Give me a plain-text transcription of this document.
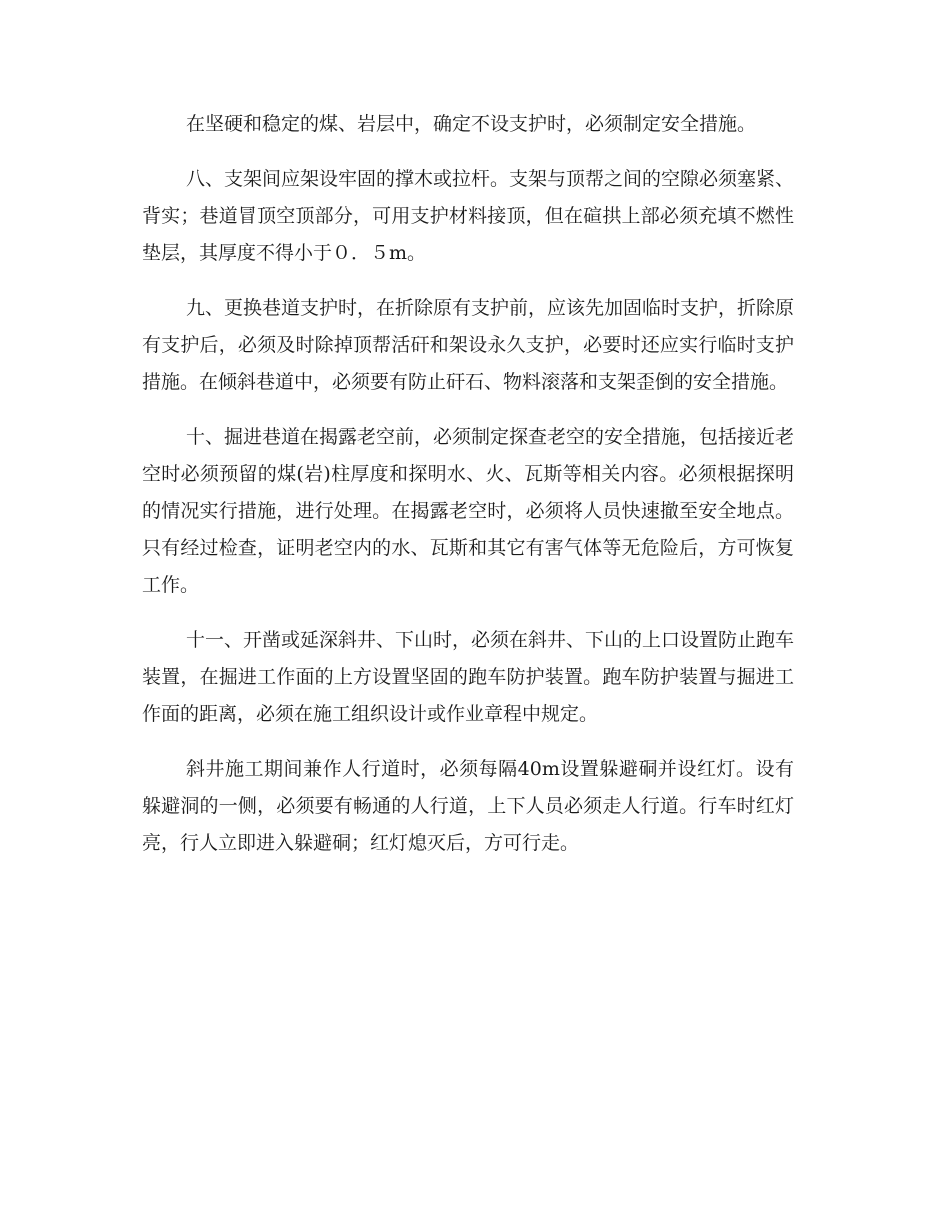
在坚硬和稳定的煤、岩层中，确定不设支护时，必须制定安全措施。

八、支架间应架设牢固的撑木或拉杆。支架与顶帮之间的空隙必须塞紧、背实；巷道冒顶空顶部分，可用支护材料接顶，但在碹拱上部必须充填不燃性垫层，其厚度不得小于０．５m。

九、更换巷道支护时，在折除原有支护前，应该先加固临时支护，折除原有支护后，必须及时除掉顶帮活矸和架设永久支护，必要时还应实行临时支护措施。在倾斜巷道中，必须要有防止矸石、物料滚落和支架歪倒的安全措施。

十、掘进巷道在揭露老空前，必须制定探查老空的安全措施，包括接近老空时必须预留的煤(岩)柱厚度和探明水、火、瓦斯等相关内容。必须根据探明的情况实行措施，进行处理。在揭露老空时，必须将人员快速撤至安全地点。只有经过检查，证明老空内的水、瓦斯和其它有害气体等无危险后，方可恢复工作。

十一、开凿或延深斜井、下山时，必须在斜井、下山的上口设置防止跑车装置，在掘进工作面的上方设置坚固的跑车防护装置。跑车防护装置与掘进工作面的距离，必须在施工组织设计或作业章程中规定。

斜井施工期间兼作人行道时，必须每隔40m设置躲避硐并设红灯。设有躲避洞的一侧，必须要有畅通的人行道，上下人员必须走人行道。行车时红灯亮，行人立即进入躲避硐；红灯熄灭后，方可行走。
